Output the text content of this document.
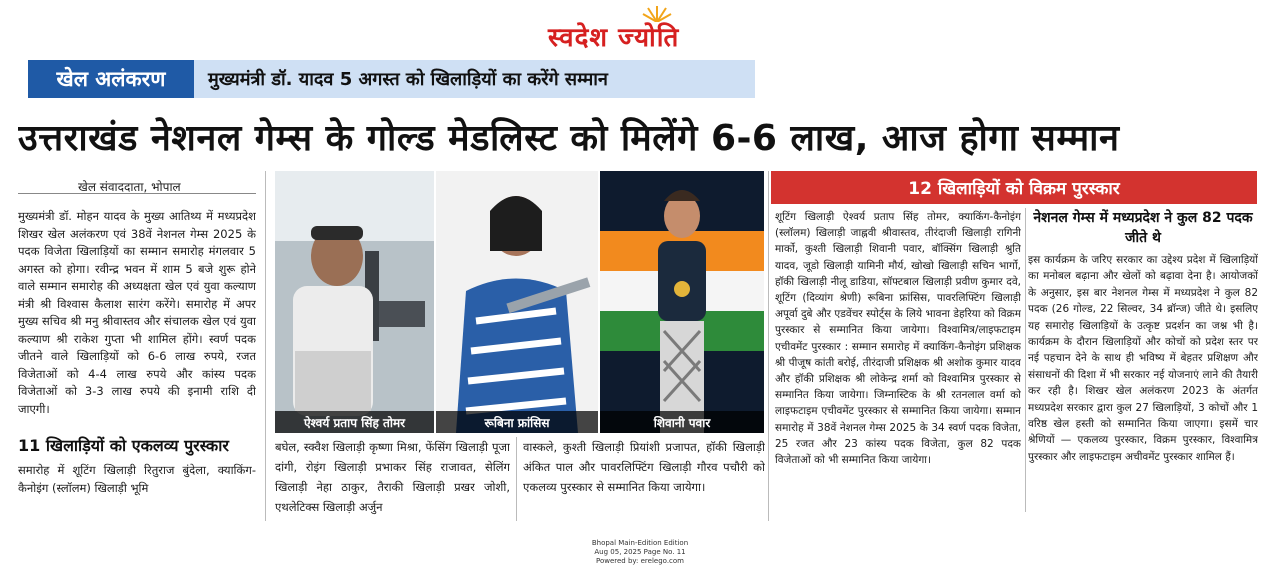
स्वदेश ज्योति
खेल अलंकरण	मुख्यमंत्री डॉ. यादव 5 अगस्त को खिलाड़ियों का करेंगे सम्मान
उत्तराखंड नेशनल गेम्स के गोल्ड मेडलिस्ट को मिलेंगे 6-6 लाख, आज होगा सम्मान
खेल संवाददाता, भोपाल
मुख्यमंत्री डॉ. मोहन यादव के मुख्य आतिथ्य में मध्यप्रदेश शिखर खेल अलंकरण एवं 38वें नेशनल गेम्स 2025 के पदक विजेता खिलाड़ियों का सम्मान समारोह मंगलवार 5 अगस्त को होगा। रवीन्द्र भवन में शाम 5 बजे शुरू होने वाले सम्मान समारोह की अध्यक्षता खेल एवं युवा कल्याण मंत्री श्री विश्वास कैलाश सारंग करेंगे। समारोह में अपर मुख्य सचिव श्री मनु श्रीवास्तव और संचालक खेल एवं युवा कल्याण श्री राकेश गुप्ता भी शामिल होंगे। स्वर्ण पदक जीतने वाले खिलाड़ियों को 6-6 लाख रुपये, रजत विजेताओं को 4-4 लाख रुपये और कांस्य पदक विजेताओं को 3-3 लाख रुपये की इनामी राशि दी जाएगी।
11 खिलाड़ियों को एकलव्य पुरस्कार
समारोह में शूटिंग खिलाड़ी रितुराज बुंदेला, क्याकिंग-कैनोइंग (स्लॉलम) खिलाड़ी भूमि
ऐश्वर्य प्रताप सिंह तोमर	रूबिना फ्रांसिस	शिवानी पवार
बघेल, स्क्वैश खिलाड़ी कृष्णा मिश्रा, फेंसिंग खिलाड़ी पूजा दांगी, रोइंग खिलाड़ी प्रभाकर सिंह राजावत, सेलिंग खिलाड़ी नेहा ठाकुर, तैराकी खिलाड़ी प्रखर जोशी, एथलेटिक्स खिलाड़ी अर्जुन
वास्कले, कुश्ती खिलाड़ी प्रियांशी प्रजापत, हॉकी खिलाड़ी अंकित पाल और पावरलिफ्टिंग खिलाड़ी गौरव पचौरी को एकलव्य पुरस्कार से सम्मानित किया जायेगा।
12 खिलाड़ियों को विक्रम पुरस्कार
शूटिंग खिलाड़ी ऐश्वर्य प्रताप सिंह तोमर, क्याकिंग-कैनोइंग (स्लॉलम) खिलाड़ी जाह्नवी श्रीवास्तव, तीरंदाजी खिलाड़ी रागिनी मार्को, कुश्ती खिलाड़ी शिवानी पवार, बॉक्सिंग खिलाड़ी श्रुति यादव, जूडो खिलाड़ी यामिनी मौर्य, खोखो खिलाड़ी सचिन भार्गो, हॉकी खिलाड़ी नीलू डाडिया, सॉफ्टबाल खिलाड़ी प्रवीण कुमार दवे, शूटिंग (दिव्यांग श्रेणी) रूबिना फ्रांसिस, पावरलिफ्टिंग खिलाड़ी अपूर्वा दुबे और एडवेंचर स्पोर्ट्स के लिये भावना डेहरिया को विक्रम पुरस्कार से सम्मानित किया जायेगा। विश्वामित्र/लाइफटाइम एचीवमेंट पुरस्कार : सम्मान समारोह में क्याकिंग-कैनोइंग प्रशिक्षक श्री पीजूष कांती बरोई, तीरंदाजी प्रशिक्षक श्री अशोक कुमार यादव और हॉकी प्रशिक्षक श्री लोकेन्द्र शर्मा को विश्वामित्र पुरस्कार से सम्मानित किया जायेगा। जिम्नास्टिक के श्री रतनलाल वर्मा को लाइफटाइम एचीवमेंट पुरस्कार से सम्मानित किया जायेगा। सम्मान समारोह में 38वें नेशनल गेम्स 2025 के 34 स्वर्ण पदक विजेता, 25 रजत और 23 कांस्य पदक विजेता, कुल 82 पदक विजेताओं को भी सम्मानित किया जायेगा।
नेशनल गेम्स में मध्यप्रदेश ने कुल 82 पदक जीते थे
इस कार्यक्रम के जरिए सरकार का उद्देश्य प्रदेश में खिलाड़ियों का मनोबल बढ़ाना और खेलों को बढ़ावा देना है। आयोजकों के अनुसार, इस बार नेशनल गेम्स में मध्यप्रदेश ने कुल 82 पदक (26 गोल्ड, 22 सिल्वर, 34 ब्रॉन्ज) जीते थे। इसलिए यह समारोह खिलाड़ियों के उत्कृष्ट प्रदर्शन का जश्न भी है। कार्यक्रम के दौरान खिलाड़ियों और कोचों को प्रदेश स्तर पर नई पहचान देने के साथ ही भविष्य में बेहतर प्रशिक्षण और संसाधनों की दिशा में भी सरकार नई योजनाएं लाने की तैयारी कर रही है। शिखर खेल अलंकरण 2023 के अंतर्गत मध्यप्रदेश सरकार द्वारा कुल 27 खिलाड़ियों, 3 कोचों और 1 वरिष्ठ खेल हस्ती को सम्मानित किया जाएगा। इसमें चार श्रेणियों — एकलव्य पुरस्कार, विक्रम पुरस्कार, विश्वामित्र पुरस्कार और लाइफटाइम अचीवमेंट पुरस्कार शामिल हैं।
Bhopal Main-Edition Edition
Aug 05, 2025 Page No. 11
Powered by: erelego.com
